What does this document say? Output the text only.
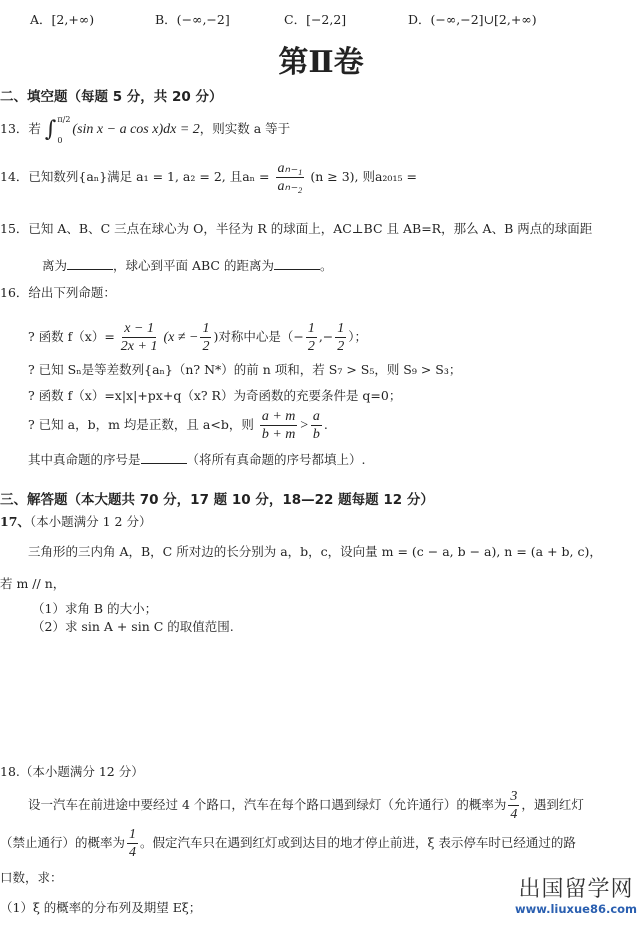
A．[2,+∞)	B．(−∞,−2]	C．[−2,2]	D．(−∞,−2]∪[2,+∞)
第Ⅱ卷
二、填空题（每题 5 分，共 20 分）
13．若 ∫ π/2
0
(sin x − a cos x)dx = 2，则实数 a 等于
14．已知数列{aₙ}满足 a₁ = 1, a₂ = 2, 且$a_n = \frac{\text{aₙ₋₁}}{\text{aₙ₋₂}} (n \ge 3)$, 则a₂₀₁₅ =
15．已知 A、B、C 三点在球心为 O，半径为 R 的球面上，AC⊥BC 且 AB=R，那么 A、B 两点的球面距
离为	，球心到平面 ABC 的距离为	。
16．给出下列命题：
? 函数 $f(x)= \frac{x - 1}{2x + 1} (x$ ≠ − $\frac{1}{2}$ )对称中心是（− $\frac{1}{2}$ ,− $\frac{1}{2}$ ）；
? 已知 Sₙ是等差数列{aₙ}（n? N*）的前 n 项和，若 S₇ > S₅，则 S₉ > S₃；
? 函数 f（x）=x|x|+px+q（x? R）为奇函数的充要条件是 q=0；
? 已知 a，b，m 均是正数，且 a<b，则 $\frac{a + m}{b + m} > \frac{a}{b}$ .
其中真命题的序号是	（将所有真命题的序号都填上）.
三、解答题（本大题共 70 分，17 题 10 分，18—22 题每题 12 分）
17、（本小题满分 1 2 分）
三角形的三内角 A，B，C 所对边的长分别为 a，b，c，设向量 m = (c − a, b − a), n = (a + b, c)，
若 m // n，
（1）求角 B 的大小；
（2）求 sin A + sin C 的取值范围.
18.（本小题满分 12 分）
设一汽车在前进途中要经过 4 个路口，汽车在每个路口遇到绿灯（允许通行）的概率为 $\frac{3}{4}$ ，遇到红灯
（禁止通行）的概率为 $\frac{1}{4}$ 。假定汽车只在遇到红灯或到达目的地才停止前进，ξ 表示停车时已经通过的路
口数，求：
（1）ξ 的概率的分布列及期望 Eξ；
出国留学网
www.liuxue86.com
